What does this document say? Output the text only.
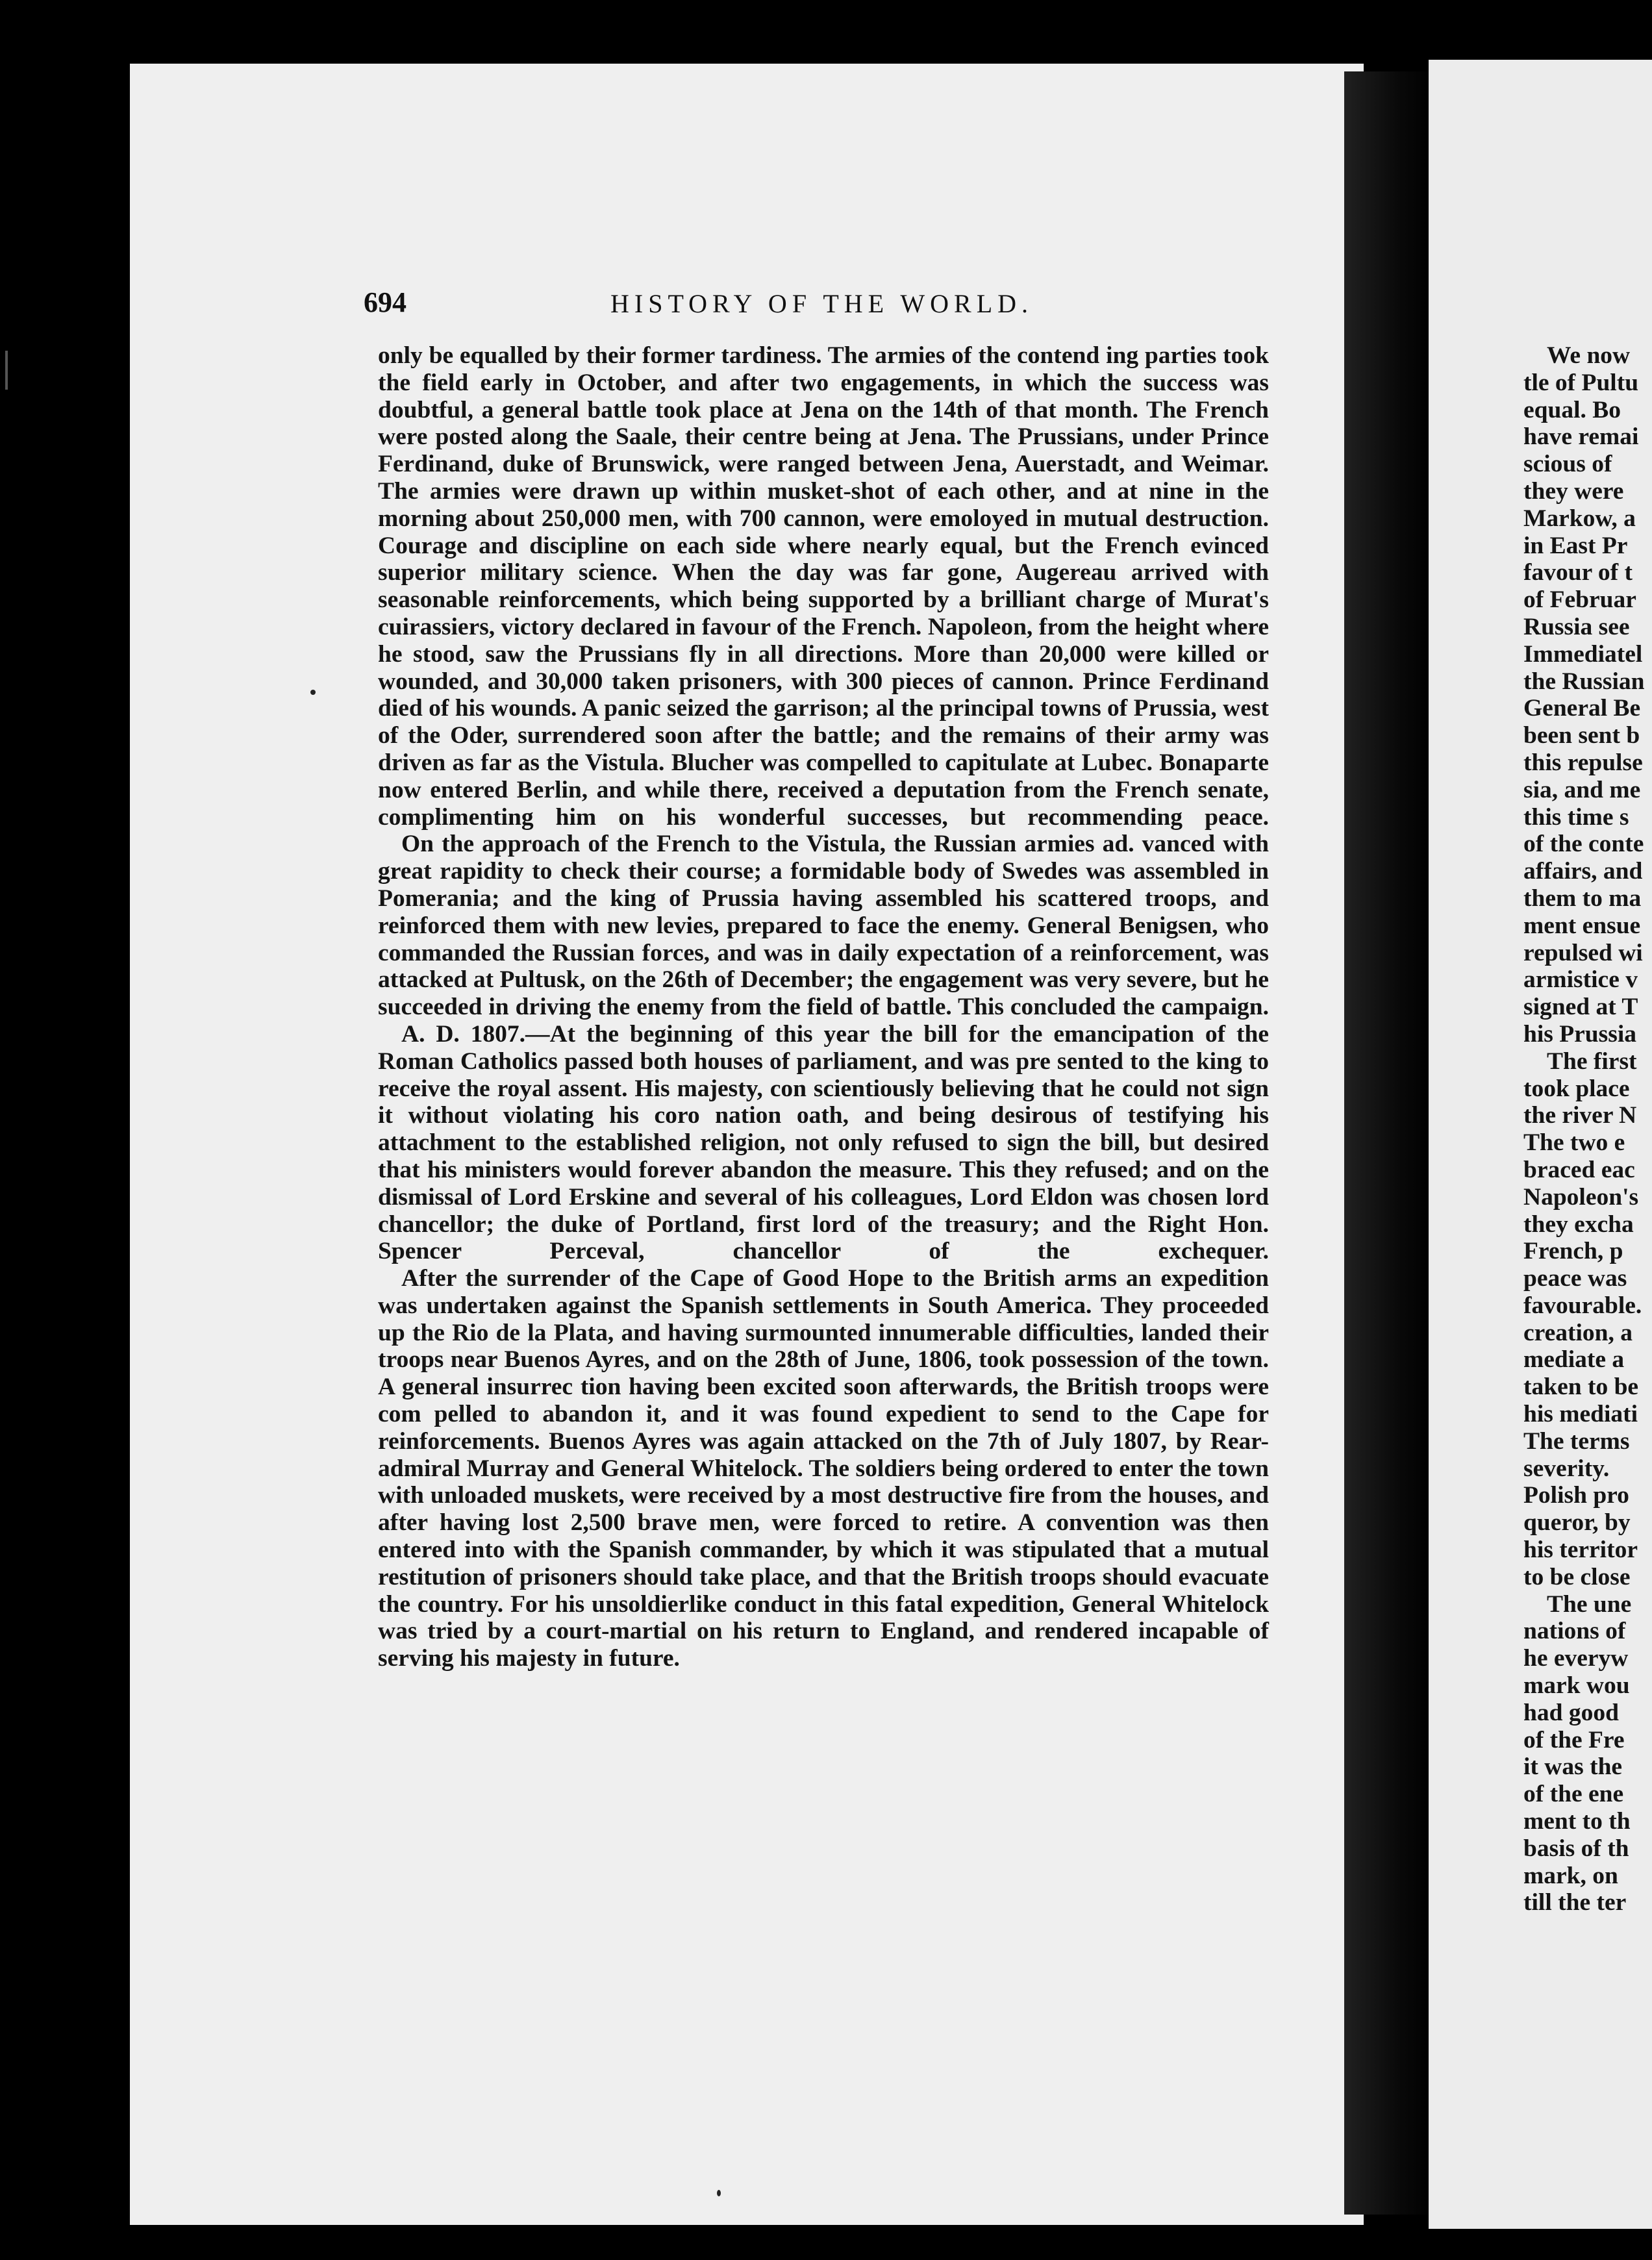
694	HISTORY OF THE WORLD.

only be equalled by their former tardiness. The armies of the contend ing parties took the field early in October, and after two engagements, in which the success was doubtful, a general battle took place at Jena on the 14th of that month. The French were posted along the Saale, their centre being at Jena. The Prussians, under Prince Ferdinand, duke of Brunswick, were ranged between Jena, Auerstadt, and Weimar. The armies were drawn up within musket-shot of each other, and at nine in the morning about 250,000 men, with 700 cannon, were emoloyed in mutual destruction. Courage and discipline on each side where nearly equal, but the French evinced superior military science. When the day was far gone, Augereau arrived with seasonable reinforcements, which being supported by a brilliant charge of Murat's cuirassiers, victory declared in favour of the French. Napoleon, from the height where he stood, saw the Prussians fly in all directions. More than 20,000 were killed or wounded, and 30,000 taken prisoners, with 300 pieces of cannon. Prince Ferdinand died of his wounds. A panic seized the garrison; al the principal towns of Prussia, west of the Oder, surrendered soon after the battle; and the remains of their army was driven as far as the Vistula. Blucher was compelled to capitulate at Lubec. Bonaparte now entered Berlin, and while there, received a deputation from the French senate, complimenting him on his wonderful successes, but recommending peace.

On the approach of the French to the Vistula, the Russian armies ad. vanced with great rapidity to check their course; a formidable body of Swedes was assembled in Pomerania; and the king of Prussia having assembled his scattered troops, and reinforced them with new levies, prepared to face the enemy. General Benigsen, who commanded the Russian forces, and was in daily expectation of a reinforcement, was attacked at Pultusk, on the 26th of December; the engagement was very severe, but he succeeded in driving the enemy from the field of battle. This concluded the campaign.

A. D. 1807.—At the beginning of this year the bill for the emancipation of the Roman Catholics passed both houses of parliament, and was pre sented to the king to receive the royal assent. His majesty, con scientiously believing that he could not sign it without violating his coro nation oath, and being desirous of testifying his attachment to the established religion, not only refused to sign the bill, but desired that his ministers would forever abandon the measure. This they refused; and on the dismissal of Lord Erskine and several of his colleagues, Lord Eldon was chosen lord chancellor; the duke of Portland, first lord of the treasury; and the Right Hon. Spencer Perceval, chancellor of the exchequer.

After the surrender of the Cape of Good Hope to the British arms an expedition was undertaken against the Spanish settlements in South America. They proceeded up the Rio de la Plata, and having surmounted innumerable difficulties, landed their troops near Buenos Ayres, and on the 28th of June, 1806, took possession of the town. A general insurrec tion having been excited soon afterwards, the British troops were com pelled to abandon it, and it was found expedient to send to the Cape for reinforcements. Buenos Ayres was again attacked on the 7th of July 1807, by Rear-admiral Murray and General Whitelock. The soldiers being ordered to enter the town with unloaded muskets, were received by a most destructive fire from the houses, and after having lost 2,500 brave men, were forced to retire. A convention was then entered into with the Spanish commander, by which it was stipulated that a mutual restitution of prisoners should take place, and that the British troops should evacuate the country. For his unsoldierlike conduct in this fatal expedition, General Whitelock was tried by a court-martial on his return to England, and rendered incapable of serving his majesty in future.

We now
tle of Pultu
equal. Bo
have remai
scious of
they were
Markow, a
in East Pr
favour of t
of Februar
Russia see
Immediatel
the Russian
General Be
been sent b
this repulse
sia, and me
this time s
of the conte
affairs, and
them to ma
ment ensue
repulsed wi
armistice v
signed at T
his Prussia
The first
took place
the river N
The two e
braced eac
Napoleon's
they excha
French, p
peace was
favourable.
creation, a
mediate a
taken to be
his mediati
The terms
severity.
Polish pro
queror, by
his territor
to be close
The une
nations of
he everyw
mark wou
had good
of the Fre
it was the
of the ene
ment to th
basis of th
mark, on
till the ter
